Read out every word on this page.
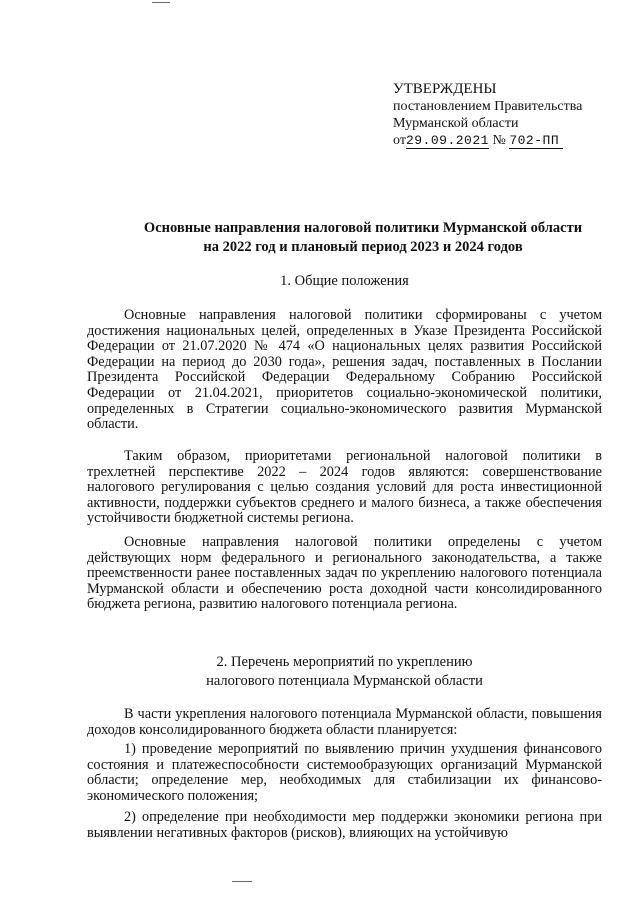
УТВЕРЖДЕНЫ
постановлением Правительства
Мурманской области
от29.09.2021 № 702-ПП
Основные направления налоговой политики Мурманской области
на 2022 год и плановый период 2023 и 2024 годов
1. Общие положения

Основные направления налоговой политики сформированы с учетом достижения национальных целей, определенных в Указе Президента Российской Федерации от 21.07.2020 № 474 «О национальных целях развития Российской Федерации на период до 2030 года», решения задач, поставленных в Послании Президента Российской Федерации Федеральному Собранию Российской Федерации от 21.04.2021, приоритетов социально-экономической политики, определенных в Стратегии социально-экономического развития Мурманской области.

Таким образом, приоритетами региональной налоговой политики в трехлетней перспективе 2022 – 2024 годов являются: совершенствование налогового регулирования с целью создания условий для роста инвестиционной активности, поддержки субъектов среднего и малого бизнеса, а также обеспечения устойчивости бюджетной системы региона.

Основные направления налоговой политики определены с учетом действующих норм федерального и регионального законодательства, а также преемственности ранее поставленных задач по укреплению налогового потенциала Мурманской области и обеспечению роста доходной части консолидированного бюджета региона, развитию налогового потенциала региона.

2. Перечень мероприятий по укреплению
налогового потенциала Мурманской области

В части укрепления налогового потенциала Мурманской области, повышения доходов консолидированного бюджета области планируется:

1) проведение мероприятий по выявлению причин ухудшения финансового состояния и платежеспособности системообразующих организаций Мурманской области; определение мер, необходимых для стабилизации их финансово-экономического положения;

2) определение при необходимости мер поддержки экономики региона при выявлении негативных факторов (рисков), влияющих на устойчивую
